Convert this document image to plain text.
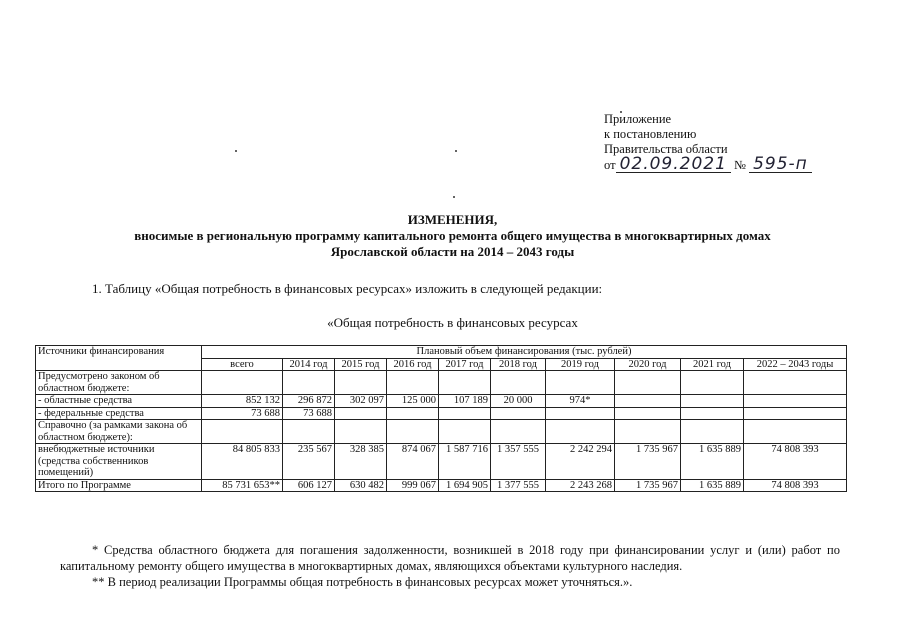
Приложение
к постановлению
Правительства области
от 02.09.2021 № 595-п
ИЗМЕНЕНИЯ,
вносимые в региональную программу капитального ремонта общего имущества в многоквартирных домах
Ярославской области на 2014 – 2043 годы
1. Таблицу «Общая потребность в финансовых ресурсах» изложить в следующей редакции:
«Общая потребность в финансовых ресурсах
Источники финансирования	Плановый объем финансирования (тыс. рублей)									
	всего	2014 год	2015 год	2016 год	2017 год	2018 год	2019 год	2020 год	2021 год	2022 – 2043 годы
Предусмотрено законом об областном бюджете:										
- областные средства	852 132	296 872	302 097	125 000	107 189	20 000	974*			
- федеральные средства	73 688	73 688								
Справочно (за рамками закона об областном бюджете):										
внебюджетные источники (средства собственников помещений)	84 805 833	235 567	328 385	874 067	1 587 716	1 357 555	2 242 294	1 735 967	1 635 889	74 808 393
Итого по Программе	85 731 653**	606 127	630 482	999 067	1 694 905	1 377 555	2 243 268	1 735 967	1 635 889	74 808 393

* Средства областного бюджета для погашения задолженности, возникшей в 2018 году при финансировании услуг и (или) работ по капитальному ремонту общего имущества в многоквартирных домах, являющихся объектами культурного наследия.

** В период реализации Программы общая потребность в финансовых ресурсах может уточняться.».
